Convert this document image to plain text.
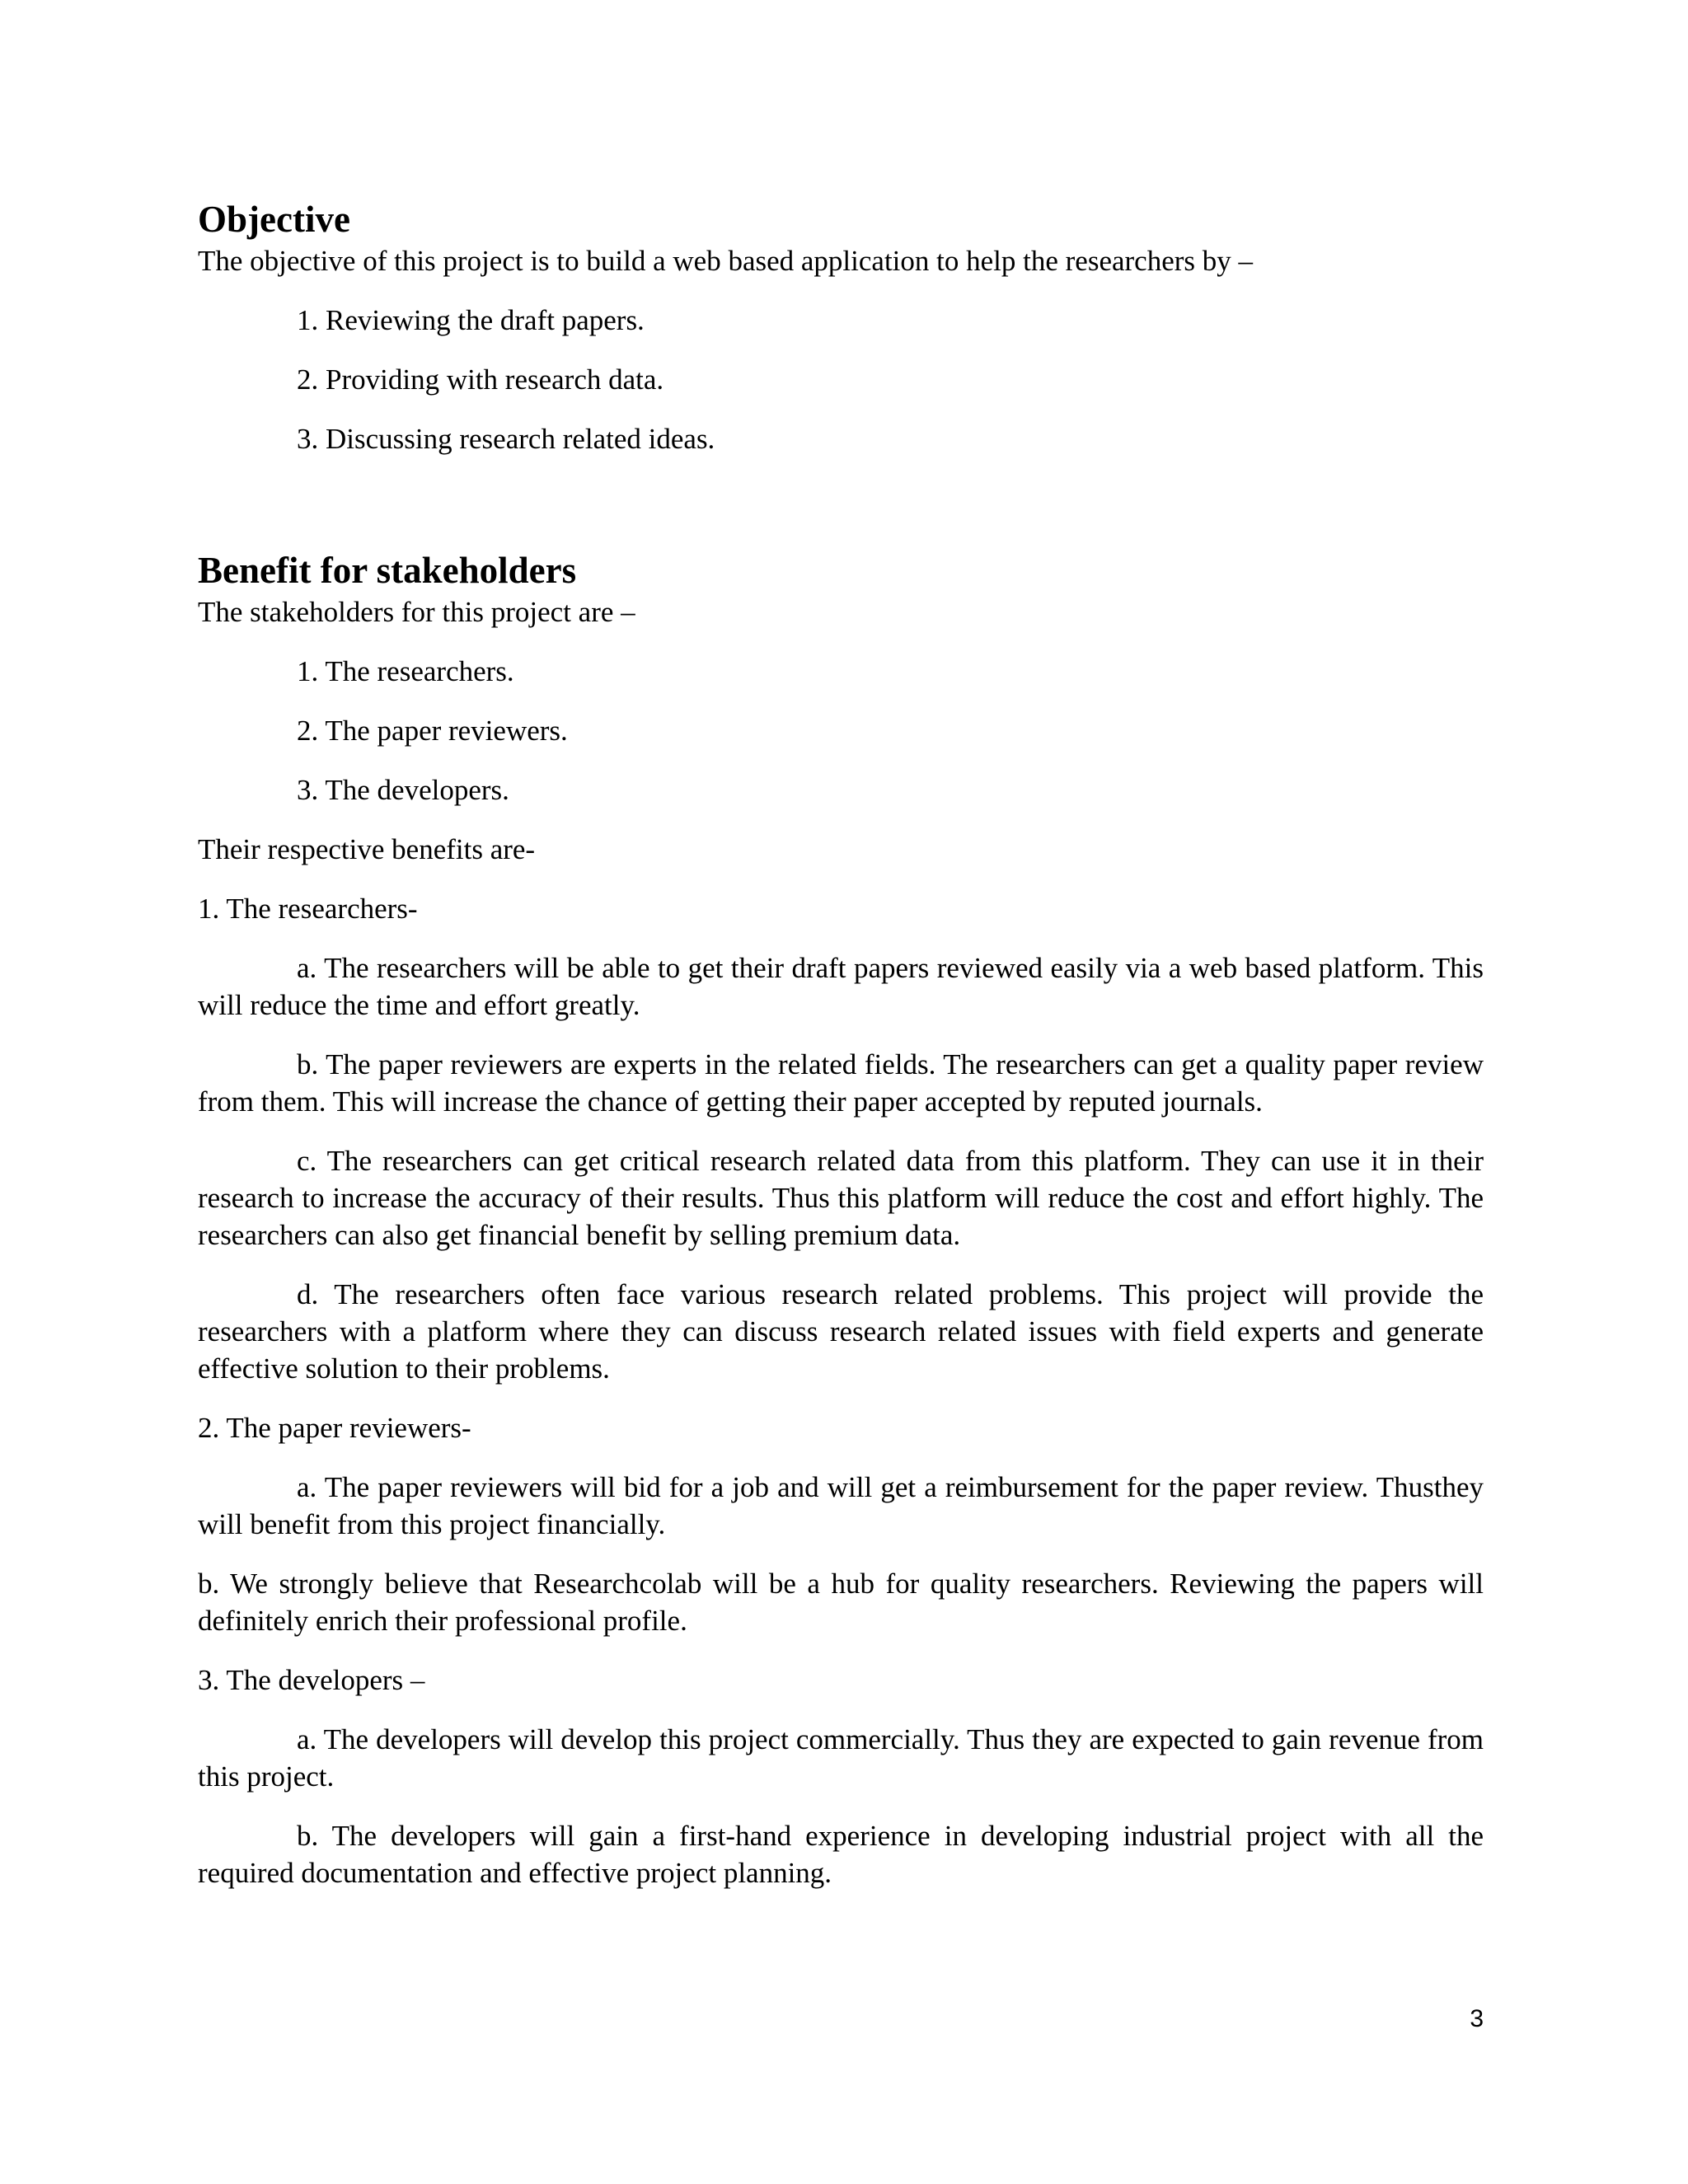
Objective

The objective of this project is to build a web based application to help the researchers by –

1. Reviewing the draft papers.

2. Providing with research data.

3. Discussing research related ideas.

Benefit for stakeholders

The stakeholders for this project are –

1. The researchers.

2. The paper reviewers.

3. The developers.

Their respective benefits are-

1. The researchers-

a. The researchers will be able to get their draft papers reviewed easily via a web based platform. This will reduce the time and effort greatly.

b. The paper reviewers are experts in the related fields. The researchers can get a quality paper review from them. This will increase the chance of getting their paper accepted by reputed journals.

c. The researchers can get critical research related data from this platform. They can use it in their research to increase the accuracy of their results. Thus this platform will reduce the cost and effort highly. The researchers can also get financial benefit by selling premium data.

d. The researchers often face various research related problems. This project will provide the researchers with a platform where they can discuss research related issues with field experts and generate effective solution to their problems.

2. The paper reviewers-

a. The paper reviewers will bid for a job and will get a reimbursement for the paper review. Thusthey will benefit from this project financially.

b. We strongly believe that Researchcolab will be a hub for quality researchers. Reviewing the papers will definitely enrich their professional profile.

3. The developers –

a. The developers will develop this project commercially. Thus they are expected to gain revenue from this project.

b. The developers will gain a first-hand experience in developing industrial project with all the required documentation and effective project planning.

3
